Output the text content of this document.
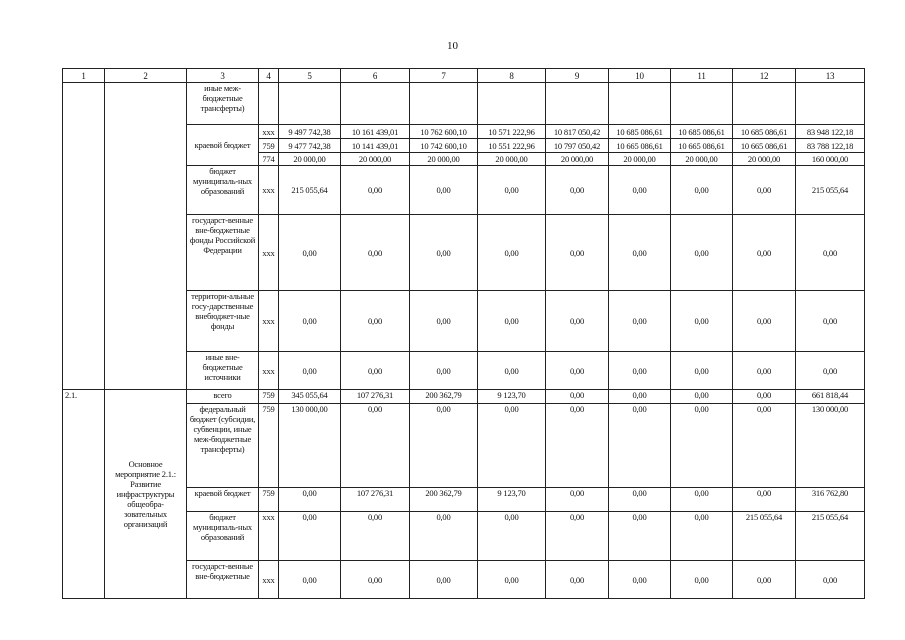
10
1	2	3	4	5	6	7	8	9	10	11	12	13
		иные меж-бюджетные трансферты)										
		краевой бюджет	ххх	9 497 742,38	10 161 439,01	10 762 600,10	10 571 222,96	10 817 050,42	10 685 086,61	10 685 086,61	10 685 086,61	83 948 122,18
			759	9 477 742,38	10 141 439,01	10 742 600,10	10 551 222,96	10 797 050,42	10 665 086,61	10 665 086,61	10 665 086,61	83 788 122,18
			774	20 000,00	20 000,00	20 000,00	20 000,00	20 000,00	20 000,00	20 000,00	20 000,00	160 000,00
		бюджет муниципаль-ных образований	ххх	215 055,64	0,00	0,00	0,00	0,00	0,00	0,00	0,00	215 055,64
		государст-венные вне-бюджетные фонды Российской Федерации	ххх	0,00	0,00	0,00	0,00	0,00	0,00	0,00	0,00	0,00
		территори-альные госу-дарственные внебюджет-ные фонды	ххх	0,00	0,00	0,00	0,00	0,00	0,00	0,00	0,00	0,00
		иные вне-бюджетные источники	ххх	0,00	0,00	0,00	0,00	0,00	0,00	0,00	0,00	0,00
2.1.	Основное мероприятие 2.1.: Развитие инфраструктуры общеобра-зовательных организаций	всего	759	345 055,64	107 276,31	200 362,79	9 123,70	0,00	0,00	0,00	0,00	661 818,44
		федеральный бюджет (субсидии, субвенции, иные меж-бюджетные трансферты)	759	130 000,00	0,00	0,00	0,00	0,00	0,00	0,00	0,00	130 000,00
		краевой бюджет	759	0,00	107 276,31	200 362,79	9 123,70	0,00	0,00	0,00	0,00	316 762,80
		бюджет муниципаль-ных образований	ххх	0,00	0,00	0,00	0,00	0,00	0,00	0,00	215 055,64	215 055,64
		государст-венные вне-бюджетные	ххх	0,00	0,00	0,00	0,00	0,00	0,00	0,00	0,00	0,00
